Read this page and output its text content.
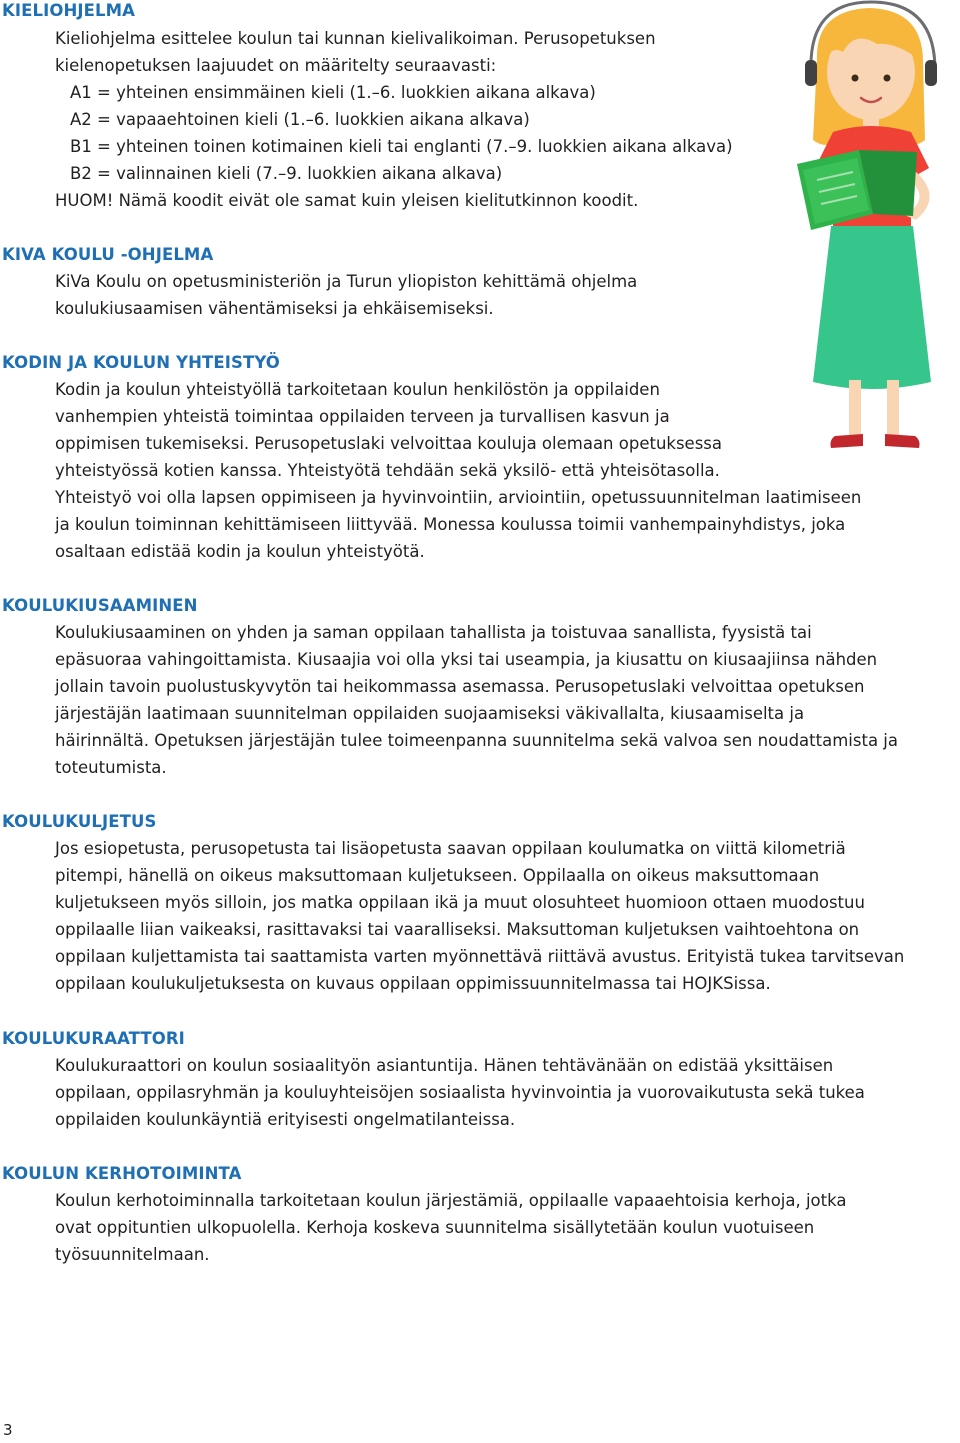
KIELIOHJELMA

Kieliohjelma esittelee koulun tai kunnan kielivalikoiman. Perusopetuksen

kielenopetuksen laajuudet on määritelty seuraavasti:

A1 = yhteinen ensimmäinen kieli (1.–6. luokkien aikana alkava)

A2 = vapaaehtoinen kieli (1.–6. luokkien aikana alkava)

B1 = yhteinen toinen kotimainen kieli tai englanti (7.–9. luokkien aikana alkava)

B2 = valinnainen kieli (7.–9. luokkien aikana alkava)

HUOM! Nämä koodit eivät ole samat kuin yleisen kielitutkinnon koodit.

KIVA KOULU -OHJELMA

KiVa Koulu on opetusministeriön ja Turun yliopiston kehittämä ohjelma

koulukiusaamisen vähentämiseksi ja ehkäisemiseksi.

KODIN JA KOULUN YHTEISTYÖ

Kodin ja koulun yhteistyöllä tarkoitetaan koulun henkilöstön ja oppilaiden

vanhempien yhteistä toimintaa oppilaiden terveen ja turvallisen kasvun ja

oppimisen tukemiseksi. Perusopetuslaki velvoittaa kouluja olemaan opetuksessa

yhteistyössä kotien kanssa. Yhteistyötä tehdään sekä yksilö- että yhteisötasolla.

Yhteistyö voi olla lapsen oppimiseen ja hyvinvointiin, arviointiin, opetussuunnitelman laatimiseen

ja koulun toiminnan kehittämiseen liittyvää. Monessa koulussa toimii vanhempainyhdistys, joka

osaltaan edistää kodin ja koulun yhteistyötä.

KOULUKIUSAAMINEN

Koulukiusaaminen on yhden ja saman oppilaan tahallista ja toistuvaa sanallista, fyysistä tai

epäsuoraa vahingoittamista. Kiusaajia voi olla yksi tai useampia, ja kiusattu on kiusaajiinsa nähden

jollain tavoin puolustuskyvytön tai heikommassa asemassa. Perusopetuslaki velvoittaa opetuksen

järjestäjän laatimaan suunnitelman oppilaiden suojaamiseksi väkivallalta, kiusaamiselta ja

häirinnältä. Opetuksen järjestäjän tulee toimeenpanna suunnitelma sekä valvoa sen noudattamista ja

toteutumista.

KOULUKULJETUS

Jos esiopetusta, perusopetusta tai lisäopetusta saavan oppilaan koulumatka on viittä kilometriä

pitempi, hänellä on oikeus maksuttomaan kuljetukseen. Oppilaalla on oikeus maksuttomaan

kuljetukseen myös silloin, jos matka oppilaan ikä ja muut olosuhteet huomioon ottaen muodostuu

oppilaalle liian vaikeaksi, rasittavaksi tai vaaralliseksi. Maksuttoman kuljetuksen vaihtoehtona on

oppilaan kuljettamista tai saattamista varten myönnettävä riittävä avustus. Erityistä tukea tarvitsevan

oppilaan koulukuljetuksesta on kuvaus oppilaan oppimissuunnitelmassa tai HOJKSissa.

KOULUKURAATTORI

Koulukuraattori on koulun sosiaalityön asiantuntija. Hänen tehtävänään on edistää yksittäisen

oppilaan, oppilasryhmän ja kouluyhteisöjen sosiaalista hyvinvointia ja vuorovaikutusta sekä tukea

oppilaiden koulunkäyntiä erityisesti ongelmatilanteissa.

KOULUN KERHOTOIMINTA

Koulun kerhotoiminnalla tarkoitetaan koulun järjestämiä, oppilaalle vapaaehtoisia kerhoja, jotka

ovat oppituntien ulkopuolella. Kerhoja koskeva suunnitelma sisällytetään koulun vuotuiseen

työsuunnitelmaan.

3
